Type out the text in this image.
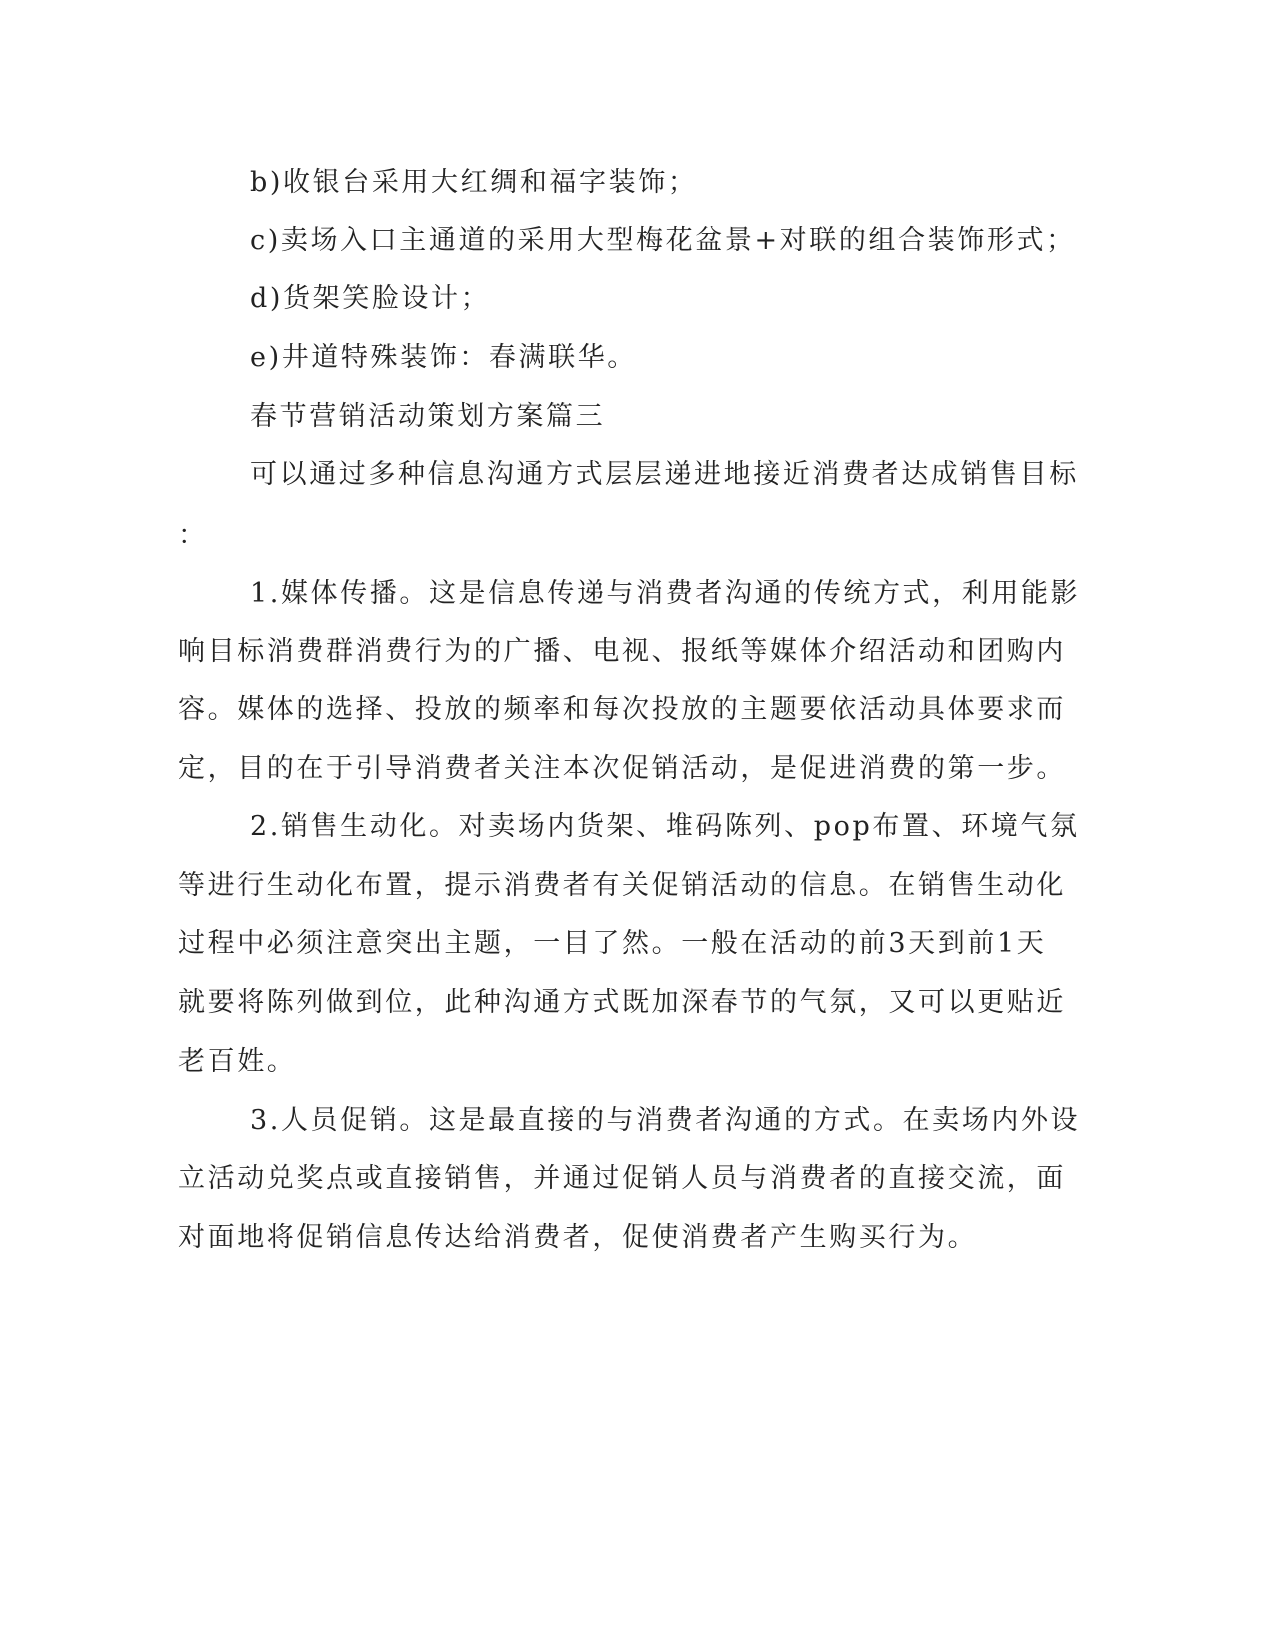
b)收银台采用大红绸和福字装饰；
c)卖场入口主通道的采用大型梅花盆景+对联的组合装饰形式；
d)货架笑脸设计；
e)井道特殊装饰：春满联华。
春节营销活动策划方案篇三
可以通过多种信息沟通方式层层递进地接近消费者达成销售目标
：
1.媒体传播。这是信息传递与消费者沟通的传统方式，利用能影
响目标消费群消费行为的广播、电视、报纸等媒体介绍活动和团购内
容。媒体的选择、投放的频率和每次投放的主题要依活动具体要求而
定，目的在于引导消费者关注本次促销活动，是促进消费的第一步。
2.销售生动化。对卖场内货架、堆码陈列、pop布置、环境气氛
等进行生动化布置，提示消费者有关促销活动的信息。在销售生动化
过程中必须注意突出主题，一目了然。一般在活动的前3天到前1天
就要将陈列做到位，此种沟通方式既加深春节的气氛，又可以更贴近
老百姓。
3.人员促销。这是最直接的与消费者沟通的方式。在卖场内外设
立活动兑奖点或直接销售，并通过促销人员与消费者的直接交流，面
对面地将促销信息传达给消费者，促使消费者产生购买行为。
